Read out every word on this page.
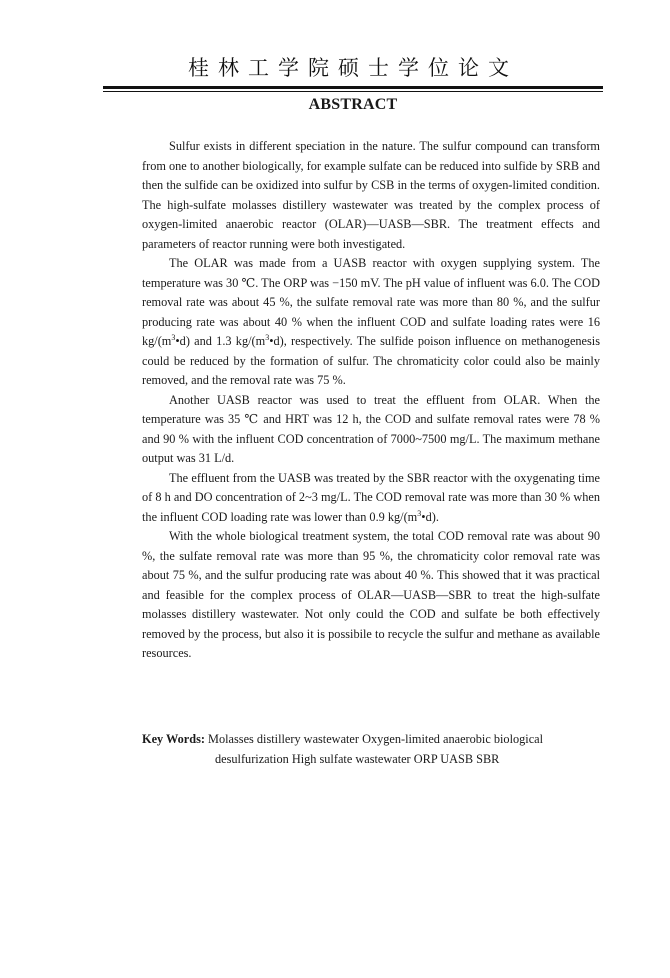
桂林工学院硕士学位论文
ABSTRACT

Sulfur exists in different speciation in the nature. The sulfur compound can transform from one to another biologically, for example sulfate can be reduced into sulfide by SRB and then the sulfide can be oxidized into sulfur by CSB in the terms of oxygen-limited condition. The high-sulfate molasses distillery wastewater was treated by the complex process of oxygen-limited anaerobic reactor (OLAR)—UASB—SBR. The treatment effects and parameters of reactor running were both investigated.

The OLAR was made from a UASB reactor with oxygen supplying system. The temperature was 30 ℃. The ORP was −150 mV. The pH value of influent was 6.0. The COD removal rate was about 45 %, the sulfate removal rate was more than 80 %, and the sulfur producing rate was about 40 % when the influent COD and sulfate loading rates were 16 $kg/(m^3•d)$ and 1.3 $kg/(m^3•d)$, respectively. The sulfide poison influence on methanogenesis could be reduced by the formation of sulfur. The chromaticity color could also be mainly removed, and the removal rate was 75 %.

Another UASB reactor was used to treat the effluent from OLAR. When the temperature was 35 ℃ and HRT was 12 h, the COD and sulfate removal rates were 78 % and 90 % with the influent COD concentration of 7000~7500 mg/L. The maximum methane output was 31 L/d.

The effluent from the UASB was treated by the SBR reactor with the oxygenating time of 8 h and DO concentration of 2~3 mg/L. The COD removal rate was more than 30 % when the influent COD loading rate was lower than 0.9 $kg/(m^3•d)$.

With the whole biological treatment system, the total COD removal rate was about 90 %, the sulfate removal rate was more than 95 %, the chromaticity color removal rate was about 75 %, and the sulfur producing rate was about 40 %. This showed that it was practical and feasible for the complex process of OLAR—UASB—SBR to treat the high-sulfate molasses distillery wastewater. Not only could the COD and sulfate be both effectively removed by the process, but also it is possibile to recycle the sulfur and methane as available resources.

Key Words: Molasses distillery wastewater Oxygen-limited anaerobic biological
desulfurization High sulfate wastewater ORP UASB SBR
